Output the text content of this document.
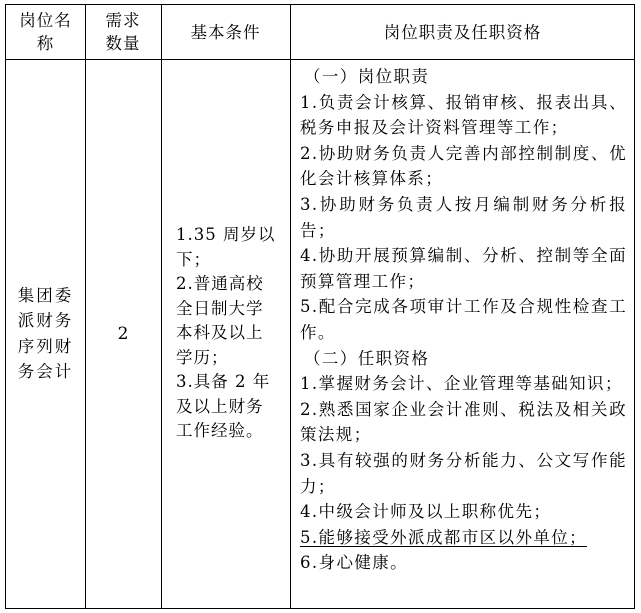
岗位名称
需求数量
基本条件	岗位职责及任职资格
集团委派财务序列财务会计
2
1.35 周岁以下；
2.普通高校全日制大学本科及以上学历；
3.具备 2 年及以上财务工作经验。
（一）岗位职责
1.负责会计核算、报销审核、报表出具、税务申报及会计资料管理等工作；
2.协助财务负责人完善内部控制制度、优化会计核算体系；
3.协助财务负责人按月编制财务分析报告；
4.协助开展预算编制、分析、控制等全面预算管理工作；
5.配合完成各项审计工作及合规性检查工作。
（二）任职资格
1.掌握财务会计、企业管理等基础知识；
2.熟悉国家企业会计准则、税法及相关政策法规；
3.具有较强的财务分析能力、公文写作能力；
4.中级会计师及以上职称优先；
5.能够接受外派成都市区以外单位；
6.身心健康。
